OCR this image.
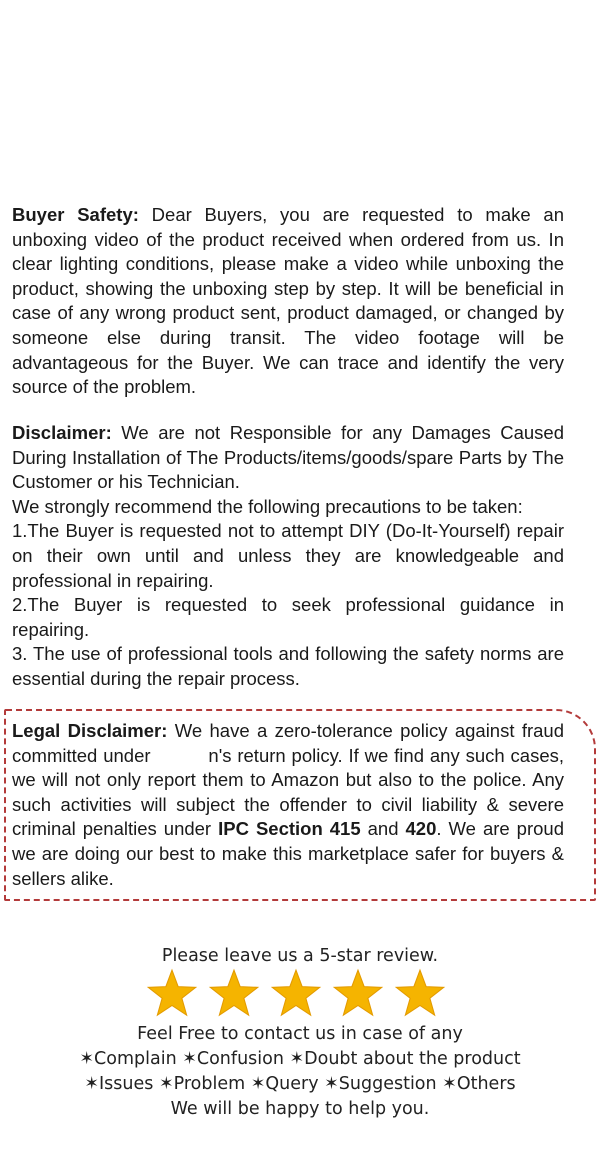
Buyer Safety: Dear Buyers, you are requested to make an unboxing video of the product received when ordered from us. In clear lighting conditions, please make a video while unboxing the product, showing the unboxing step by step. It will be beneficial in case of any wrong product sent, product damaged, or changed by someone else during transit. The video footage will be advantageous for the Buyer. We can trace and identify the very source of the problem.

Disclaimer: We are not Responsible for any Damages Caused During Installation of The Products/items/goods/spare Parts by The Customer or his Technician.

We strongly recommend the following precautions to be taken:

1.The Buyer is requested not to attempt DIY (Do-It-Yourself) repair on their own until and unless they are knowledgeable and professional in repairing.

2.The Buyer is requested to seek professional guidance in repairing.

3. The use of professional tools and following the safety norms are essential during the repair process.

Legal Disclaimer: We have a zero-tolerance policy against fraud committed under	n's return policy. If we find any such cases, we will not only report them to Amazon but also to the police. Any such activities will subject the offender to civil liability & severe criminal penalties under IPC Section 415 and 420. We are proud we are doing our best to make this marketplace safer for buyers & sellers alike.

Please leave us a 5-star review.
Feel Free to contact us in case of any
✶Complain ✶Confusion ✶Doubt about the product
✶Issues ✶Problem ✶Query ✶Suggestion ✶Others
We will be happy to help you.
